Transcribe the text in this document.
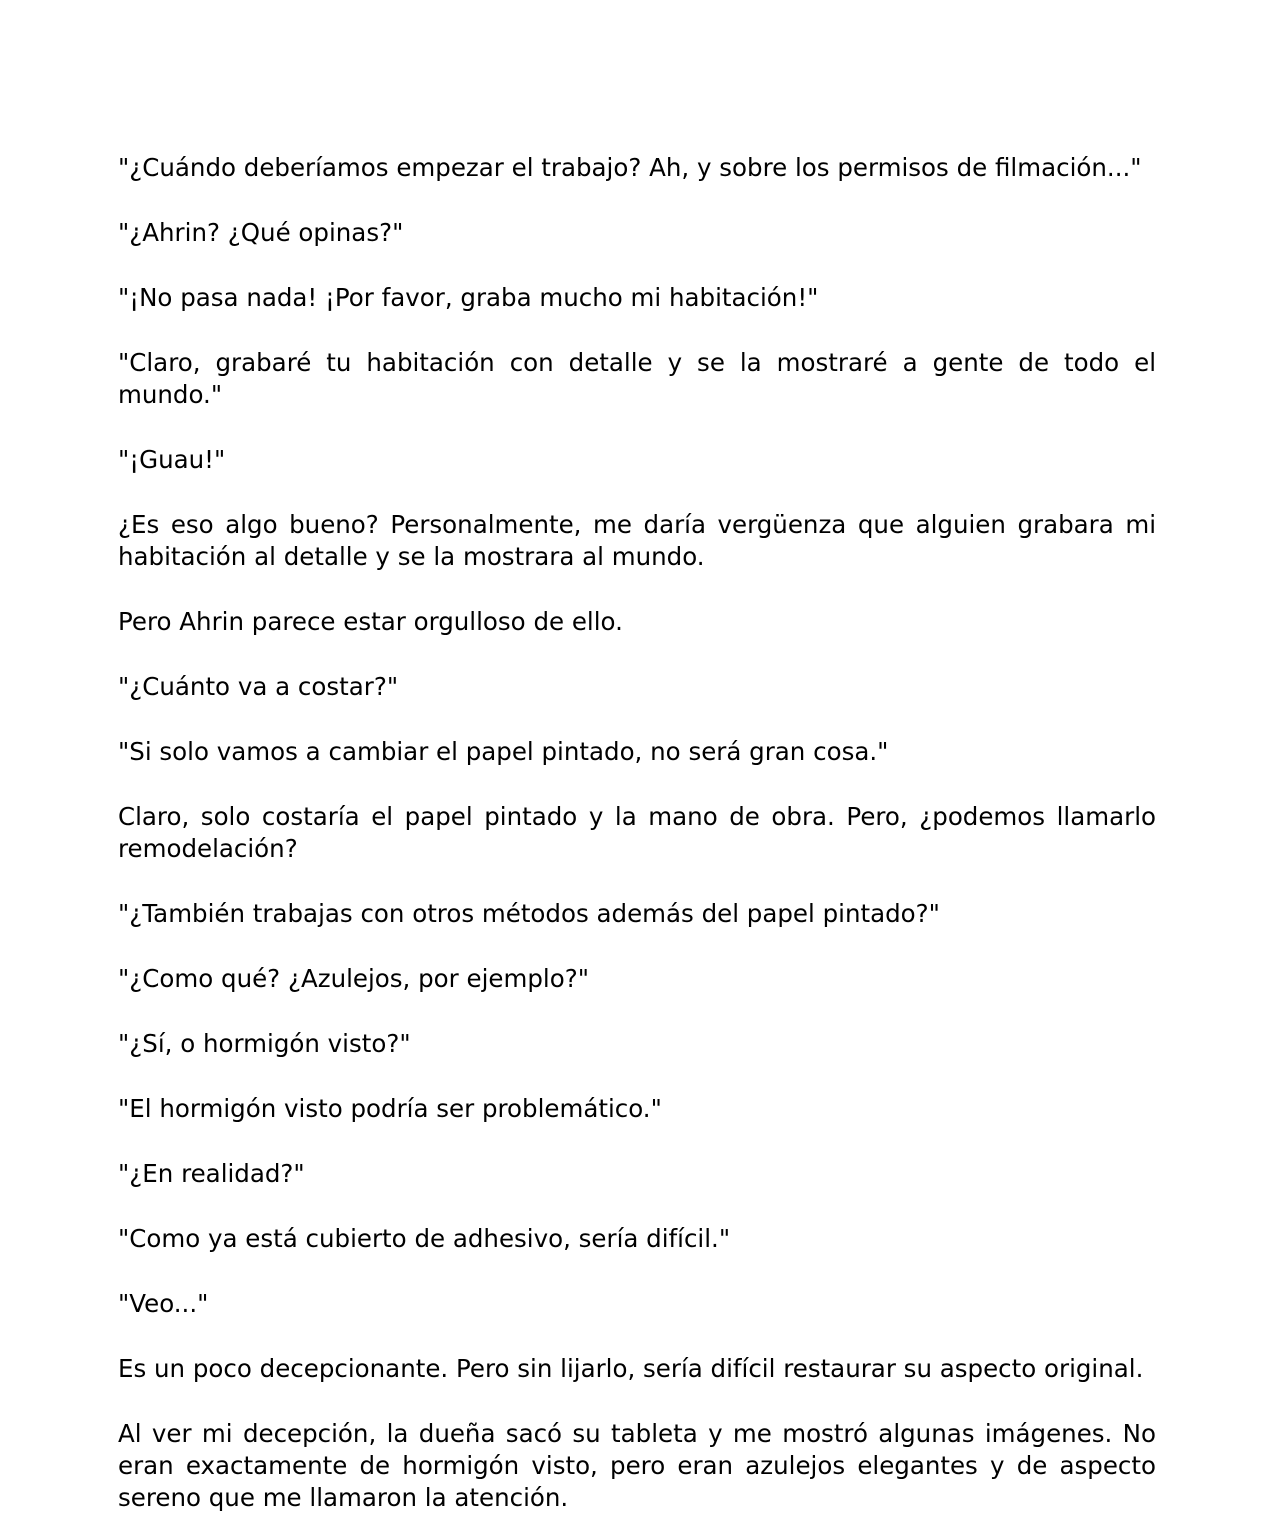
"¿Cuándo deberíamos empezar el trabajo? Ah, y sobre los permisos de filmación..."

"¿Ahrin? ¿Qué opinas?"

"¡No pasa nada! ¡Por favor, graba mucho mi habitación!"

"Claro, grabaré tu habitación con detalle y se la mostraré a gente de todo el mundo."

"¡Guau!"

¿Es eso algo bueno? Personalmente, me daría vergüenza que alguien grabara mi habitación al detalle y se la mostrara al mundo.

Pero Ahrin parece estar orgulloso de ello.

"¿Cuánto va a costar?"

"Si solo vamos a cambiar el papel pintado, no será gran cosa."

Claro, solo costaría el papel pintado y la mano de obra. Pero, ¿podemos llamarlo remodelación?

"¿También trabajas con otros métodos además del papel pintado?"

"¿Como qué? ¿Azulejos, por ejemplo?"

"¿Sí, o hormigón visto?"

"El hormigón visto podría ser problemático."

"¿En realidad?"

"Como ya está cubierto de adhesivo, sería difícil."

"Veo..."

Es un poco decepcionante. Pero sin lijarlo, sería difícil restaurar su aspecto original.

Al ver mi decepción, la dueña sacó su tableta y me mostró algunas imágenes. No eran exactamente de hormigón visto, pero eran azulejos elegantes y de aspecto sereno que me llamaron la atención.
